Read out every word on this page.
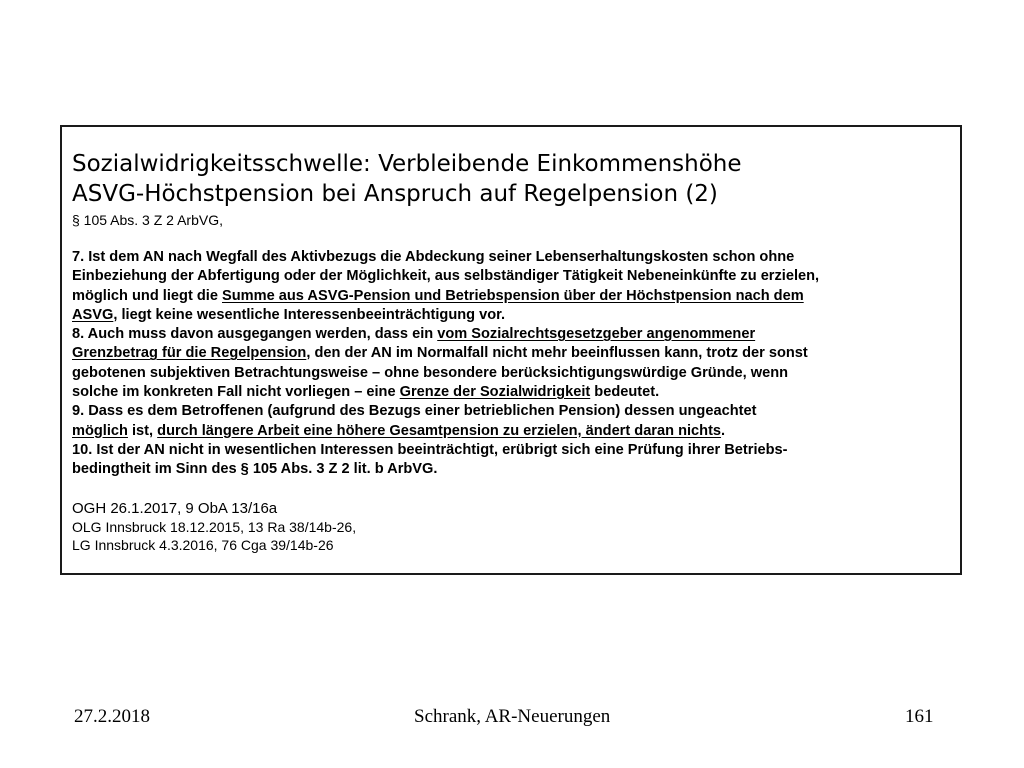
Sozialwidrigkeitsschwelle: Verbleibende Einkommenshöhe
ASVG-Höchstpension bei Anspruch auf Regelpension (2)
§ 105 Abs. 3 Z 2 ArbVG,
7. Ist dem AN nach Wegfall des Aktivbezugs die Abdeckung seiner Lebenserhaltungskosten schon ohne
Einbeziehung der Abfertigung oder der Möglichkeit, aus selbständiger Tätigkeit Nebeneinkünfte zu erzielen,
möglich und liegt die Summe aus ASVG-Pension und Betriebspension über der Höchstpension nach dem
ASVG, liegt keine wesentliche Interessenbeeinträchtigung vor.
8. Auch muss davon ausgegangen werden, dass ein vom Sozialrechtsgesetzgeber angenommener
Grenzbetrag für die Regelpension, den der AN im Normalfall nicht mehr beeinflussen kann, trotz der sonst
gebotenen subjektiven Betrachtungsweise – ohne besondere berücksichtigungswürdige Gründe, wenn
solche im konkreten Fall nicht vorliegen – eine Grenze der Sozialwidrigkeit bedeutet.
9. Dass es dem Betroffenen (aufgrund des Bezugs einer betrieblichen Pension) dessen ungeachtet
möglich ist, durch längere Arbeit eine höhere Gesamtpension zu erzielen, ändert daran nichts.
10. Ist der AN nicht in wesentlichen Interessen beeinträchtigt, erübrigt sich eine Prüfung ihrer Betriebs-
bedingtheit im Sinn des § 105 Abs. 3 Z 2 lit. b ArbVG.
OGH 26.1.2017, 9 ObA 13/16a
OLG Innsbruck 18.12.2015, 13 Ra 38/14b-26,
LG Innsbruck 4.3.2016, 76 Cga 39/14b-26
27.2.2018	Schrank, AR-Neuerungen	161
